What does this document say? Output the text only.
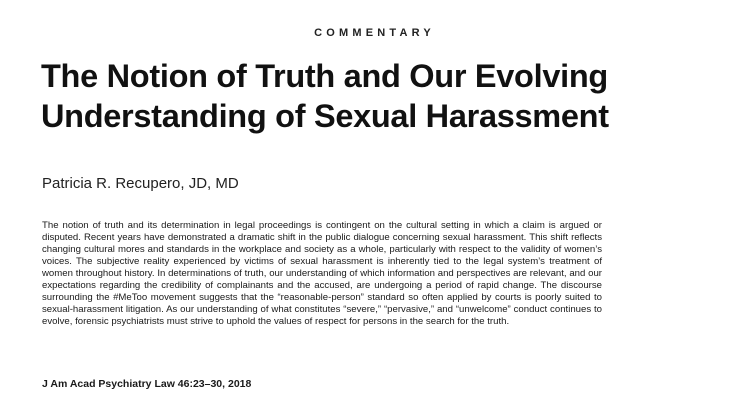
COMMENTARY
The Notion of Truth and Our Evolving Understanding of Sexual Harassment
Patricia R. Recupero, JD, MD

The notion of truth and its determination in legal proceedings is contingent on the cultural setting in which a claim is argued or disputed. Recent years have demonstrated a dramatic shift in the public dialogue concerning sexual harassment. This shift reflects changing cultural mores and standards in the workplace and society as a whole, particularly with respect to the validity of women’s voices. The subjective reality experienced by victims of sexual harassment is inherently tied to the legal system’s treatment of women throughout history. In determinations of truth, our understanding of which information and perspectives are relevant, and our expectations regarding the credibility of complainants and the accused, are undergoing a period of rapid change. The discourse surrounding the #MeToo movement suggests that the “reasonable-person” standard so often applied by courts is poorly suited to sexual-harassment litigation. As our understanding of what constitutes “severe,” “pervasive,” and “unwelcome” conduct continues to evolve, forensic psychiatrists must strive to uphold the values of respect for persons in the search for the truth.

J Am Acad Psychiatry Law 46:23–30, 2018
